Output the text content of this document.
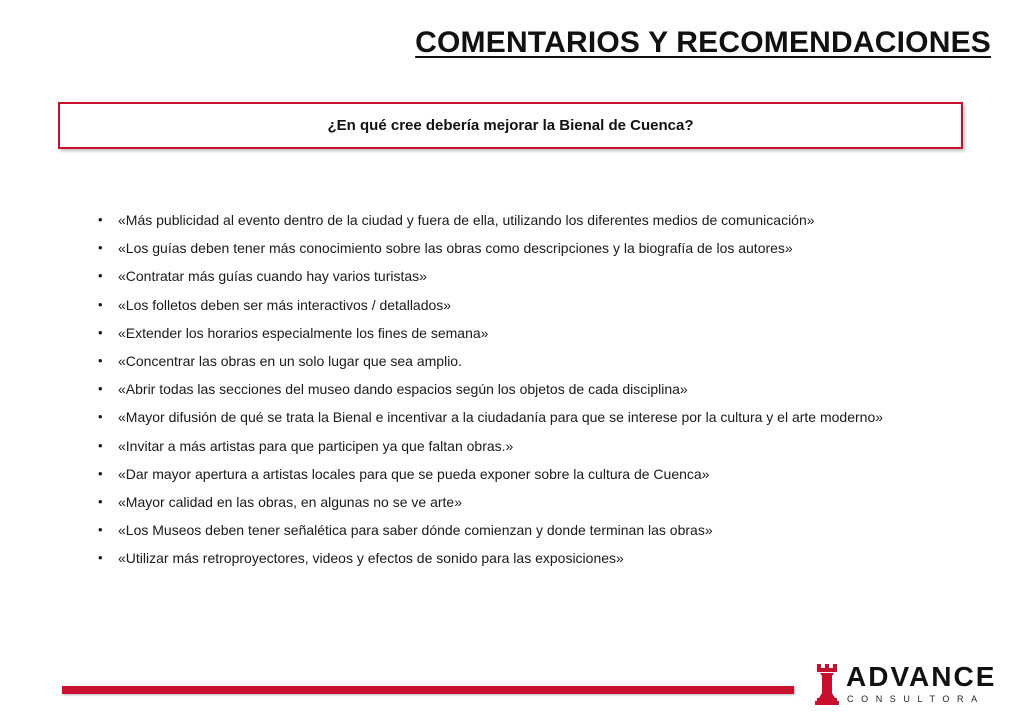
COMENTARIOS Y RECOMENDACIONES
¿En qué cree debería mejorar la Bienal de Cuenca?
• «Más publicidad al evento dentro de la ciudad y fuera de ella, utilizando los diferentes medios de comunicación»
• «Los guías deben tener más conocimiento sobre las obras como descripciones y la biografía de los autores»
• «Contratar más guías cuando hay varios turistas»
• «Los folletos deben ser más interactivos / detallados»
• «Extender los horarios especialmente los fines de semana»
• «Concentrar las obras en un solo lugar que sea amplio.
• «Abrir todas las secciones del museo dando espacios según los objetos de cada disciplina»
• «Mayor difusión de qué se trata la Bienal e incentivar a la ciudadanía para que se interese por la cultura y el arte moderno»
• «Invitar a más artistas para que participen ya que faltan obras.»
• «Dar mayor apertura a artistas locales para que se pueda exponer sobre la cultura de Cuenca»
• «Mayor calidad en las obras, en algunas no se ve arte»
• «Los Museos deben tener señalética para saber dónde comienzan y donde terminan las obras»
• «Utilizar más retroproyectores, videos y efectos de sonido para las exposiciones»
ADVANCE
CONSULTORA
